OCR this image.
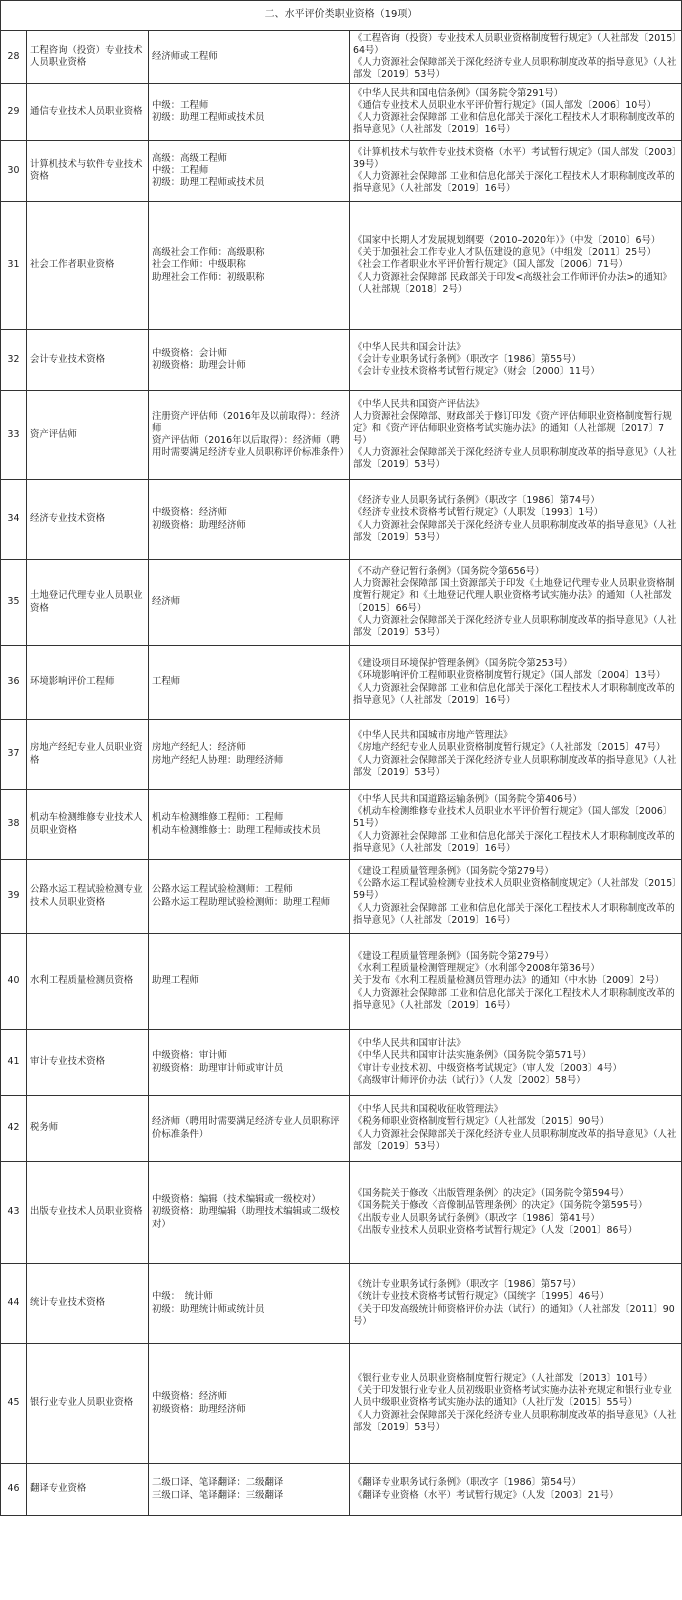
二、水平评价类职业资格（19项）			
28	工程咨询（投资）专业技术人员职业资格	经济师或工程师	《工程咨询（投资）专业技术人员职业资格制度暂行规定》（人社部发〔2015〕64号）
《人力资源社会保障部关于深化经济专业人员职称制度改革的指导意见》（人社部发〔2019〕53号）

29	通信专业技术人员职业资格	中级：工程师
初级：助理工程师或技术员	《中华人民共和国电信条例》（国务院令第291号）
《通信专业技术人员职业水平评价暂行规定》（国人部发〔2006〕10号）
《人力资源社会保障部 工业和信息化部关于深化工程技术人才职称制度改革的指导意见》（人社部发〔2019〕16号）

30	计算机技术与软件专业技术资格	高级：高级工程师
中级：工程师
初级：助理工程师或技术员	《计算机技术与软件专业技术资格（水平）考试暂行规定》（国人部发〔2003〕39号）
《人力资源社会保障部 工业和信息化部关于深化工程技术人才职称制度改革的指导意见》（人社部发〔2019〕16号）

31	社会工作者职业资格	高级社会工作师：高级职称
社会工作师：中级职称
助理社会工作师：初级职称	《国家中长期人才发展规划纲要（2010–2020年）》（中发〔2010〕6号）
《关于加强社会工作专业人才队伍建设的意见》（中组发〔2011〕25号）
《社会工作者职业水平评价暂行规定》（国人部发〔2006〕71号）
《人力资源社会保障部 民政部关于印发<高级社会工作师评价办法>的通知》（人社部规〔2018〕2号）

32	会计专业技术资格	中级资格：会计师
初级资格：助理会计师	《中华人民共和国会计法》
《会计专业职务试行条例》（职改字〔1986〕第55号）
《会计专业技术资格考试暂行规定》（财会〔2000〕11号）

33	资产评估师	注册资产评估师（2016年及以前取得）：经济师
资产评估师（2016年以后取得）：经济师（聘用时需要满足经济专业人员职称评价标准条件）	《中华人民共和国资产评估法》
人力资源社会保障部、财政部关于修订印发《资产评估师职业资格制度暂行规定》和《资产评估师职业资格考试实施办法》的通知（人社部规〔2017〕7号）
《人力资源社会保障部关于深化经济专业人员职称制度改革的指导意见》（人社部发〔2019〕53号）

34	经济专业技术资格	中级资格：经济师
初级资格：助理经济师	《经济专业人员职务试行条例》（职改字〔1986〕第74号）
《经济专业技术资格考试暂行规定》（人职发〔1993〕1号）
《人力资源社会保障部关于深化经济专业人员职称制度改革的指导意见》（人社部发〔2019〕53号）

35	土地登记代理专业人员职业资格	经济师	《不动产登记暂行条例》（国务院令第656号）
人力资源社会保障部 国土资源部关于印发《土地登记代理专业人员职业资格制度暂行规定》和《土地登记代理人职业资格考试实施办法》的通知（人社部发〔2015〕66号）
《人力资源社会保障部关于深化经济专业人员职称制度改革的指导意见》（人社部发〔2019〕53号）

36	环境影响评价工程师	工程师	《建设项目环境保护管理条例》（国务院令第253号）
《环境影响评价工程师职业资格制度暂行规定》（国人部发〔2004〕13号）
《人力资源社会保障部 工业和信息化部关于深化工程技术人才职称制度改革的指导意见》（人社部发〔2019〕16号）

37	房地产经纪专业人员职业资格	房地产经纪人：经济师
房地产经纪人协理：助理经济师	《中华人民共和国城市房地产管理法》
《房地产经纪专业人员职业资格制度暂行规定》（人社部发〔2015〕47号）
《人力资源社会保障部关于深化经济专业人员职称制度改革的指导意见》（人社部发〔2019〕53号）

38	机动车检测维修专业技术人员职业资格	机动车检测维修工程师：工程师
机动车检测维修士：助理工程师或技术员	《中华人民共和国道路运输条例》（国务院令第406号）
《机动车检测维修专业技术人员职业水平评价暂行规定》（国人部发〔2006〕51号）
《人力资源社会保障部 工业和信息化部关于深化工程技术人才职称制度改革的指导意见》（人社部发〔2019〕16号）

39	公路水运工程试验检测专业技术人员职业资格	公路水运工程试验检测师：工程师
公路水运工程助理试验检测师：助理工程师	《建设工程质量管理条例》（国务院令第279号）
《公路水运工程试验检测专业技术人员职业资格制度规定》（人社部发〔2015〕59号）
《人力资源社会保障部 工业和信息化部关于深化工程技术人才职称制度改革的指导意见》（人社部发〔2019〕16号）

40	水利工程质量检测员资格	助理工程师	《建设工程质量管理条例》（国务院令第279号）
《水利工程质量检测管理规定》（水利部令2008年第36号）
关于发布《水利工程质量检测员管理办法》的通知（中水协〔2009〕2号）
《人力资源社会保障部 工业和信息化部关于深化工程技术人才职称制度改革的指导意见》（人社部发〔2019〕16号）

41	审计专业技术资格	中级资格：审计师
初级资格：助理审计师或审计员	《中华人民共和国审计法》
《中华人民共和国审计法实施条例》（国务院令第571号）
《审计专业技术初、中级资格考试规定》（审人发〔2003〕4号）
《高级审计师评价办法（试行）》（人发〔2002〕58号）

42	税务师	经济师（聘用时需要满足经济专业人员职称评价标准条件）	《中华人民共和国税收征收管理法》
《税务师职业资格制度暂行规定》（人社部发〔2015〕90号）
《人力资源社会保障部关于深化经济专业人员职称制度改革的指导意见》（人社部发〔2019〕53号）

43	出版专业技术人员职业资格	中级资格：编辑（技术编辑或一级校对）
初级资格：助理编辑（助理技术编辑或二级校对）	《国务院关于修改〈出版管理条例〉的决定》（国务院令第594号）
《国务院关于修改〈音像制品管理条例〉的决定》（国务院令第595号）
《出版专业人员职务试行条例》（职改字〔1986〕第41号）
《出版专业技术人员职业资格考试暂行规定》（人发〔2001〕86号）

44	统计专业技术资格	中级：　统计师
初级：助理统计师或统计员	《统计专业职务试行条例》（职改字〔1986〕第57号）
《统计专业技术资格考试暂行规定》（国统字〔1995〕46号）
《关于印发高级统计师资格评价办法（试行）的通知》（人社部发〔2011〕90号）

45	银行业专业人员职业资格	中级资格：经济师
初级资格：助理经济师	《银行业专业人员职业资格制度暂行规定》（人社部发〔2013〕101号）
《关于印发银行业专业人员初级职业资格考试实施办法补充规定和银行业专业人员中级职业资格考试实施办法的通知》（人社厅发〔2015〕55号）
《人力资源社会保障部关于深化经济专业人员职称制度改革的指导意见》（人社部发〔2019〕53号）

46	翻译专业资格	二级口译、笔译翻译：二级翻译
三级口译、笔译翻译：三级翻译	《翻译专业职务试行条例》（职改字〔1986〕第54号）
《翻译专业资格（水平）考试暂行规定》（人发〔2003〕21号）
